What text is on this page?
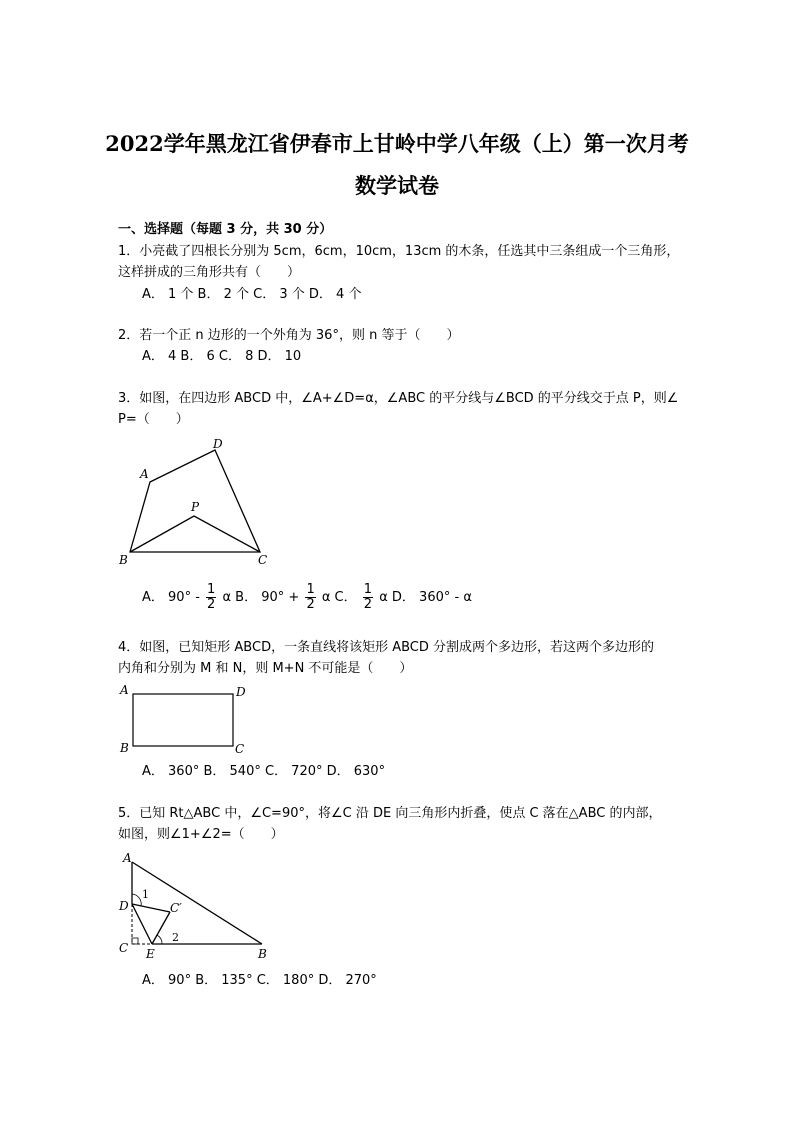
2022学年黑龙江省伊春市上甘岭中学八年级（上）第一次月考
数学试卷
一、选择题（每题 3 分，共 30 分）
1．小亮截了四根长分别为 5cm，6cm，10cm，13cm 的木条，任选其中三条组成一个三角形，
这样拼成的三角形共有（　　）
A． 1 个 B． 2 个 C． 3 个 D． 4 个
2．若一个正 n 边形的一个外角为 36°，则 n 等于（　　）
A． 4 B． 6 C． 8 D． 10
3．如图，在四边形 ABCD 中，∠A+∠D=α，∠ABC 的平分线与∠BCD 的平分线交于点 P，则∠
P=（　　）
A
D
P
B	C
A． $90^\circ - \frac{1}{2}$ α B． $90^\circ + \frac{1}{2}$ α C． $\frac{1}{2}$ α D． 360° - α
4．如图，已知矩形 ABCD，一条直线将该矩形 ABCD 分割成两个多边形，若这两个多边形的
内角和分别为 M 和 N，则 M+N 不可能是（　　）
A	D
B	C
A． 360° B． 540° C． 720° D． 630°
5．已知 Rt△ABC 中，∠C=90°，将∠C 沿 DE 向三角形内折叠，使点 C 落在△ABC 的内部，
如图，则∠1+∠2=（　　）
A
D
C E	B
C′
1
2
A． 90° B． 135° C． 180° D． 270°
